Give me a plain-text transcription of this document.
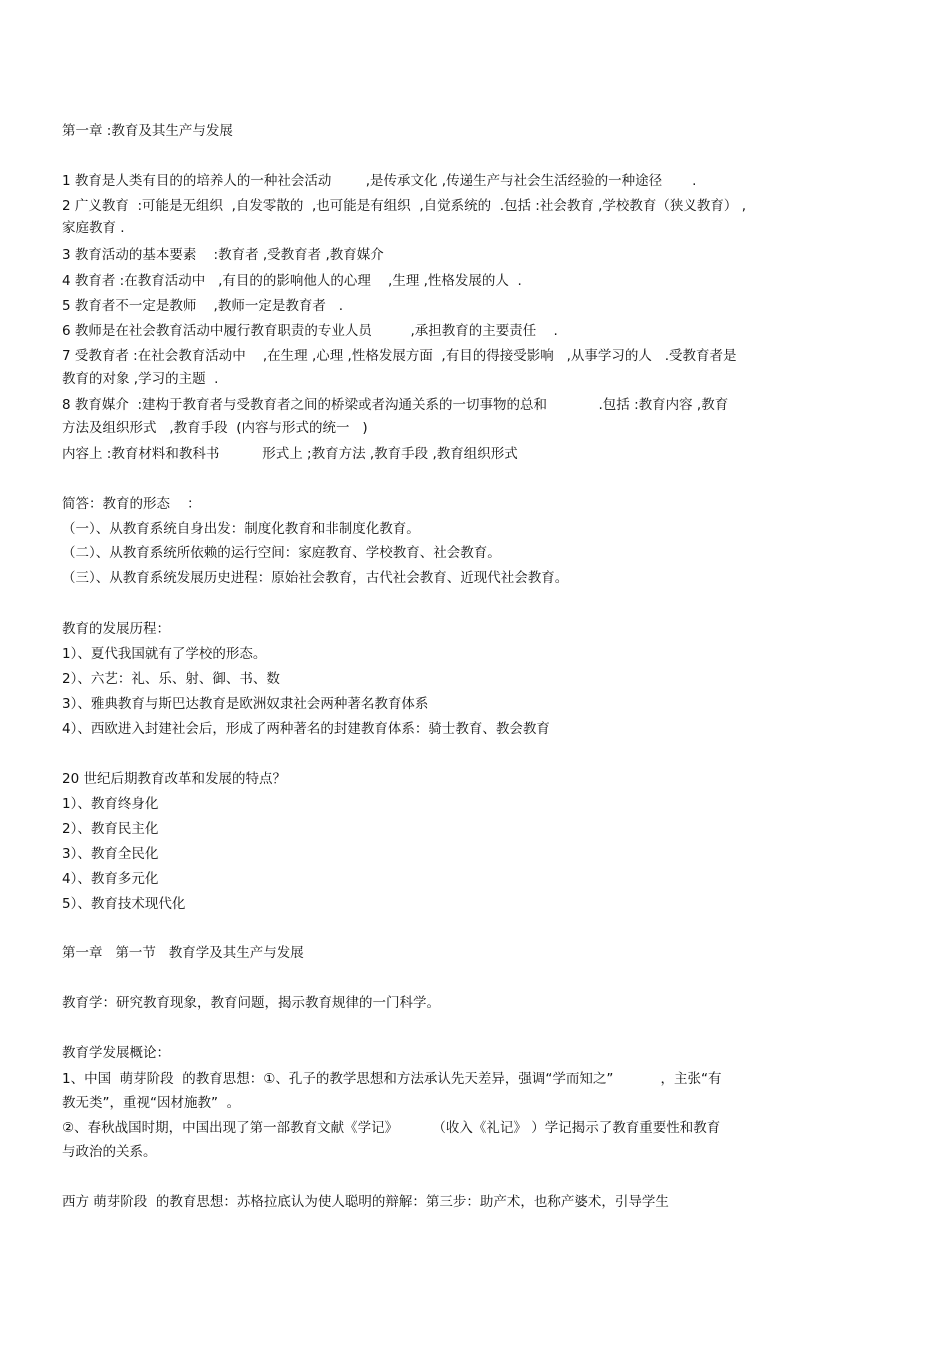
第一章 :教育及其生产与发展
1 教育是人类有目的的培养人的一种社会活动        ,是传承文化 ,传递生产与社会生活经验的一种途径       .
2 广义教育  :可能是无组织  ,自发零散的  ,也可能是有组织  ,自觉系统的  .包括 :社会教育 ,学校教育（狭义教育） ,
家庭教育 .
3 教育活动的基本要素    :教育者 ,受教育者 ,教育媒介
4 教育者 :在教育活动中   ,有目的的影响他人的心理    ,生理 ,性格发展的人  .
5 教育者不一定是教师    ,教师一定是教育者   .
6 教师是在社会教育活动中履行教育职责的专业人员         ,承担教育的主要责任    .
7 受教育者 :在社会教育活动中    ,在生理 ,心理 ,性格发展方面  ,有目的得接受影响   ,从事学习的人   .受教育者是
教育的对象 ,学习的主题  .
8 教育媒介  :建构于教育者与受教育者之间的桥梁或者沟通关系的一切事物的总和            .包括 :教育内容 ,教育
方法及组织形式   ,教育手段  (内容与形式的统一   )
内容上 :教育材料和教科书          形式上 ;教育方法 ,教育手段 ,教育组织形式
简答：教育的形态    ：
（一）、从教育系统自身出发：制度化教育和非制度化教育。
（二）、从教育系统所依赖的运行空间：家庭教育、学校教育、社会教育。
（三）、从教育系统发展历史进程：原始社会教育，古代社会教育、近现代社会教育。
教育的发展历程：
1）、夏代我国就有了学校的形态。
2）、六艺：礼、乐、射、御、书、数
3）、雅典教育与斯巴达教育是欧洲奴隶社会两种著名教育体系
4）、西欧进入封建社会后，形成了两种著名的封建教育体系：骑士教育、教会教育
20 世纪后期教育改革和发展的特点？
1）、教育终身化
2）、教育民主化
3）、教育全民化
4）、教育多元化
5）、教育技术现代化
第一章   第一节   教育学及其生产与发展
教育学：研究教育现象，教育问题，揭示教育规律的一门科学。
教育学发展概论：
1、中国  萌芽阶段  的教育思想：①、孔子的教学思想和方法承认先天差异，强调“学而知之”           ，主张“有
教无类”，重视“因材施教”  。
②、春秋战国时期，中国出现了第一部教育文献《学记》        （收入《礼记》 ）学记揭示了教育重要性和教育
与政治的关系。
西方 萌芽阶段  的教育思想：苏格拉底认为使人聪明的辩解：第三步：助产术，也称产婆术，引导学生
